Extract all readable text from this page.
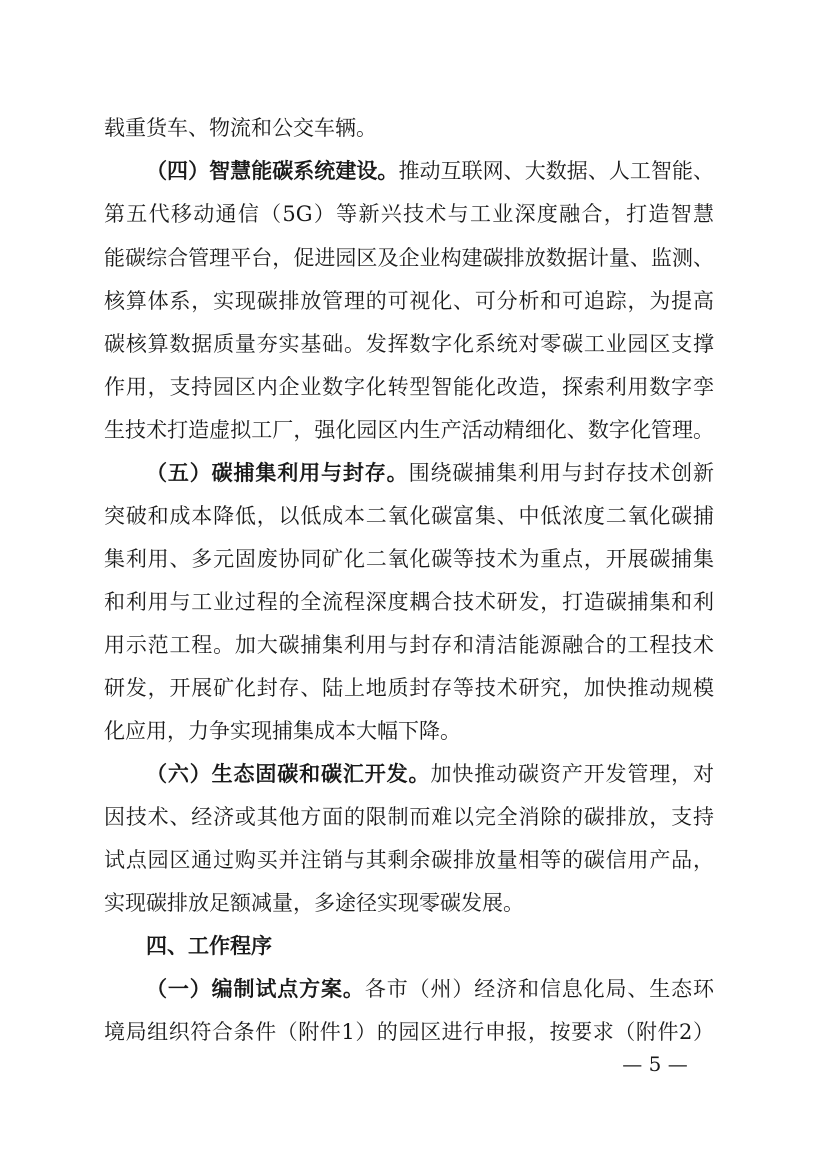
载重货车、物流和公交车辆。
（四）智慧能碳系统建设。推动互联网、大数据、人工智能、
第五代移动通信（5G）等新兴技术与工业深度融合，打造智慧
能碳综合管理平台，促进园区及企业构建碳排放数据计量、监测、
核算体系，实现碳排放管理的可视化、可分析和可追踪，为提高
碳核算数据质量夯实基础。发挥数字化系统对零碳工业园区支撑
作用，支持园区内企业数字化转型智能化改造，探索利用数字孪
生技术打造虚拟工厂，强化园区内生产活动精细化、数字化管理。
（五）碳捕集利用与封存。围绕碳捕集利用与封存技术创新
突破和成本降低，以低成本二氧化碳富集、中低浓度二氧化碳捕
集利用、多元固废协同矿化二氧化碳等技术为重点，开展碳捕集
和利用与工业过程的全流程深度耦合技术研发，打造碳捕集和利
用示范工程。加大碳捕集利用与封存和清洁能源融合的工程技术
研发，开展矿化封存、陆上地质封存等技术研究，加快推动规模
化应用，力争实现捕集成本大幅下降。
（六）生态固碳和碳汇开发。加快推动碳资产开发管理，对
因技术、经济或其他方面的限制而难以完全消除的碳排放，支持
试点园区通过购买并注销与其剩余碳排放量相等的碳信用产品，
实现碳排放足额减量，多途径实现零碳发展。
四、工作程序
（一）编制试点方案。各市（州）经济和信息化局、生态环
境局组织符合条件（附件1）的园区进行申报，按要求（附件2）
— 5 —
